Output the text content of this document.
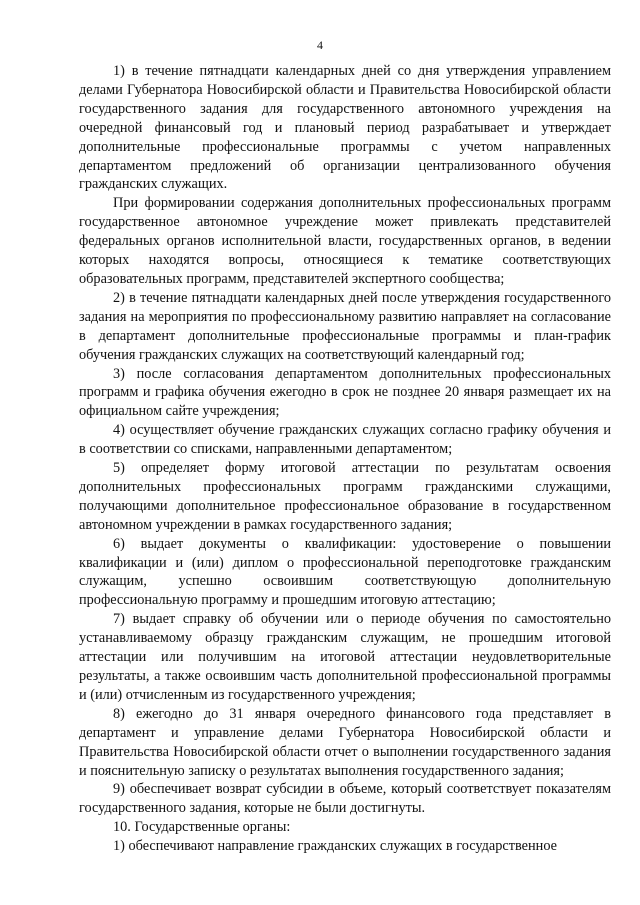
4

1) в течение пятнадцати календарных дней со дня утверждения управлением делами Губернатора Новосибирской области и Правительства Новосибирской области государственного задания для государственного автономного учреждения на очередной финансовый год и плановый период разрабатывает и утверждает дополнительные профессиональные программы с учетом направленных департаментом предложений об организации централизованного обучения гражданских служащих.

При формировании содержания дополнительных профессиональных программ государственное автономное учреждение может привлекать представителей федеральных органов исполнительной власти, государственных органов, в ведении которых находятся вопросы, относящиеся к тематике соответствующих образовательных программ, представителей экспертного сообщества;

2) в течение пятнадцати календарных дней после утверждения государственного задания на мероприятия по профессиональному развитию направляет на согласование в департамент дополнительные профессиональные программы и план-график обучения гражданских служащих на соответствующий календарный год;

3) после согласования департаментом дополнительных профессиональных программ и графика обучения ежегодно в срок не позднее 20 января размещает их на официальном сайте учреждения;

4) осуществляет обучение гражданских служащих согласно графику обучения и в соответствии со списками, направленными департаментом;

5) определяет форму итоговой аттестации по результатам освоения дополнительных профессиональных программ гражданскими служащими, получающими дополнительное профессиональное образование в государственном автономном учреждении в рамках государственного задания;

6) выдает документы о квалификации: удостоверение о повышении квалификации и (или) диплом о профессиональной переподготовке гражданским служащим, успешно освоившим соответствующую дополнительную профессиональную программу и прошедшим итоговую аттестацию;

7) выдает справку об обучении или о периоде обучения по самостоятельно устанавливаемому образцу гражданским служащим, не прошедшим итоговой аттестации или получившим на итоговой аттестации неудовлетворительные результаты, а также освоившим часть дополнительной профессиональной программы и (или) отчисленным из государственного учреждения;

8) ежегодно до 31 января очередного финансового года представляет в департамент и управление делами Губернатора Новосибирской области и Правительства Новосибирской области отчет о выполнении государственного задания и пояснительную записку о результатах выполнения государственного задания;

9) обеспечивает возврат субсидии в объеме, который соответствует показателям государственного задания, которые не были достигнуты.

10. Государственные органы:

1) обеспечивают направление гражданских служащих в государственное
